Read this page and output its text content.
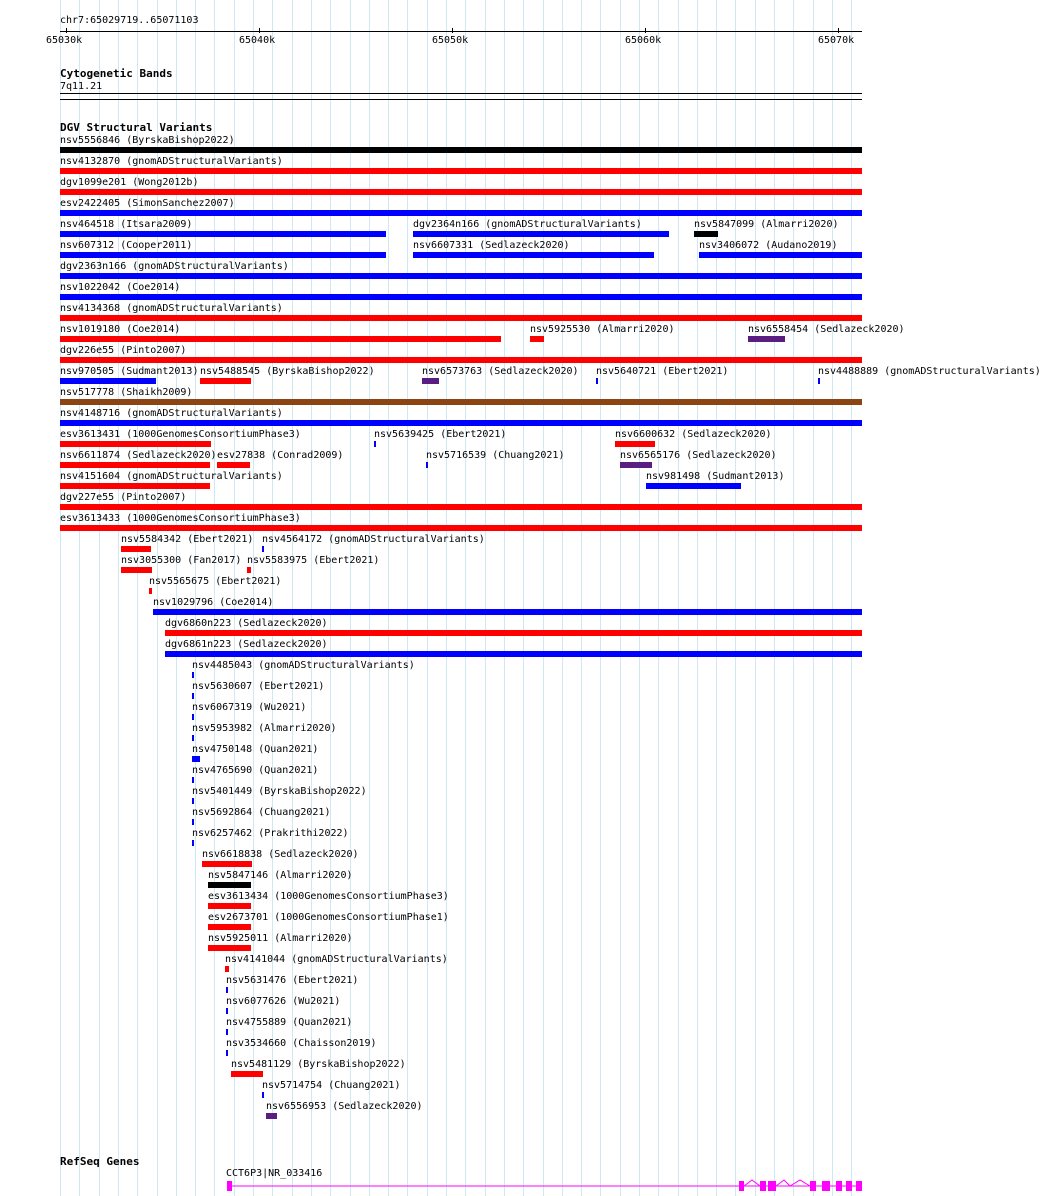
chr7:65029719..65071103
65030k	65040k	65050k	65060k	65070k
Cytogenetic Bands
7q11.21
DGV Structural Variants
nsv5556846 (ByrskaBishop2022)
nsv4132870 (gnomADStructuralVariants)
dgv1099e201 (Wong2012b)
esv2422405 (SimonSanchez2007)
nsv464518 (Itsara2009)	dgv2364n166 (gnomADStructuralVariants)	nsv5847099 (Almarri2020)
nsv607312 (Cooper2011)	nsv6607331 (Sedlazeck2020)	nsv3406072 (Audano2019)
dgv2363n166 (gnomADStructuralVariants)
nsv1022042 (Coe2014)
nsv4134368 (gnomADStructuralVariants)
nsv1019180 (Coe2014)	nsv5925530 (Almarri2020)	nsv6558454 (Sedlazeck2020)
dgv226e55 (Pinto2007)
nsv970505 (Sudmant2013) nsv5488545 (ByrskaBishop2022)	nsv6573763 (Sedlazeck2020) nsv5640721 (Ebert2021)	nsv4488889 (gnomADStructuralVariants)
nsv517778 (Shaikh2009)
nsv4148716 (gnomADStructuralVariants)
esv3613431 (1000GenomesConsortiumPhase3)	nsv5639425 (Ebert2021)	nsv6600632 (Sedlazeck2020)
nsv6611874 (Sedlazeck2020) esv27838 (Conrad2009)	nsv5716539 (Chuang2021)	nsv6565176 (Sedlazeck2020)
nsv4151604 (gnomADStructuralVariants)	nsv981498 (Sudmant2013)
dgv227e55 (Pinto2007)
esv3613433 (1000GenomesConsortiumPhase3)
nsv5584342 (Ebert2021) nsv4564172 (gnomADStructuralVariants)
nsv3055300 (Fan2017) nsv5583975 (Ebert2021)
nsv5565675 (Ebert2021)
nsv1029796 (Coe2014)
dgv6860n223 (Sedlazeck2020)
dgv6861n223 (Sedlazeck2020)
nsv4485043 (gnomADStructuralVariants)
nsv5630607 (Ebert2021)
nsv6067319 (Wu2021)
nsv5953982 (Almarri2020)
nsv4750148 (Quan2021)
nsv4765690 (Quan2021)
nsv5401449 (ByrskaBishop2022)
nsv5692864 (Chuang2021)
nsv6257462 (Prakrithi2022)
nsv6618838 (Sedlazeck2020)
nsv5847146 (Almarri2020)
esv3613434 (1000GenomesConsortiumPhase3)
esv2673701 (1000GenomesConsortiumPhase1)
nsv5925011 (Almarri2020)
nsv4141044 (gnomADStructuralVariants)
nsv5631476 (Ebert2021)
nsv6077626 (Wu2021)
nsv4755889 (Quan2021)
nsv3534660 (Chaisson2019)
nsv5481129 (ByrskaBishop2022)
nsv5714754 (Chuang2021)
nsv6556953 (Sedlazeck2020)
RefSeq Genes
CCT6P3|NR_033416
